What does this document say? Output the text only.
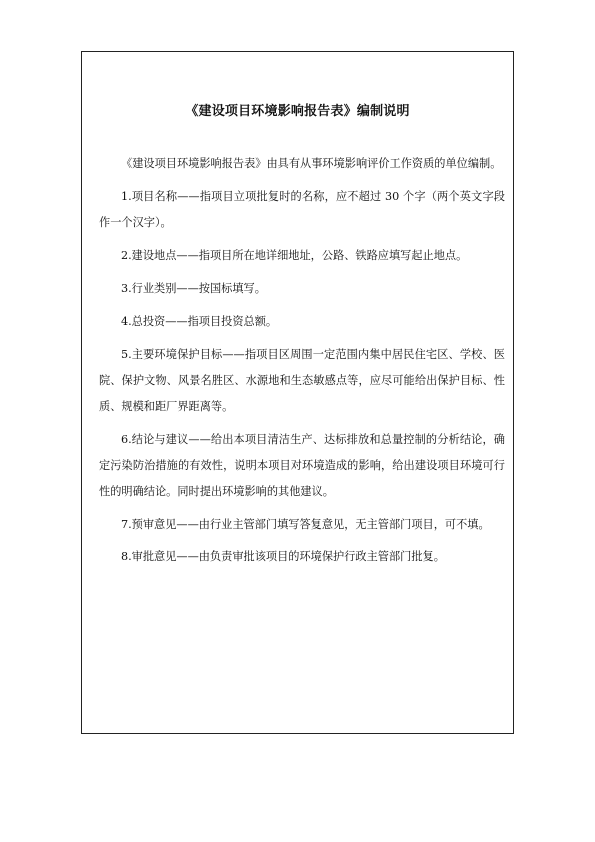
《建设项目环境影响报告表》编制说明

《建设项目环境影响报告表》由具有从事环境影响评价工作资质的单位编制。

1.项目名称——指项目立项批复时的名称，应不超过 30 个字（两个英文字段作一个汉字）。

2.建设地点——指项目所在地详细地址，公路、铁路应填写起止地点。

3.行业类别——按国标填写。

4.总投资——指项目投资总额。

5.主要环境保护目标——指项目区周围一定范围内集中居民住宅区、学校、医院、保护文物、风景名胜区、水源地和生态敏感点等，应尽可能给出保护目标、性质、规模和距厂界距离等。

6.结论与建议——给出本项目清洁生产、达标排放和总量控制的分析结论，确定污染防治措施的有效性，说明本项目对环境造成的影响，给出建设项目环境可行性的明确结论。同时提出环境影响的其他建议。

7.预审意见——由行业主管部门填写答复意见，无主管部门项目，可不填。

8.审批意见——由负责审批该项目的环境保护行政主管部门批复。
